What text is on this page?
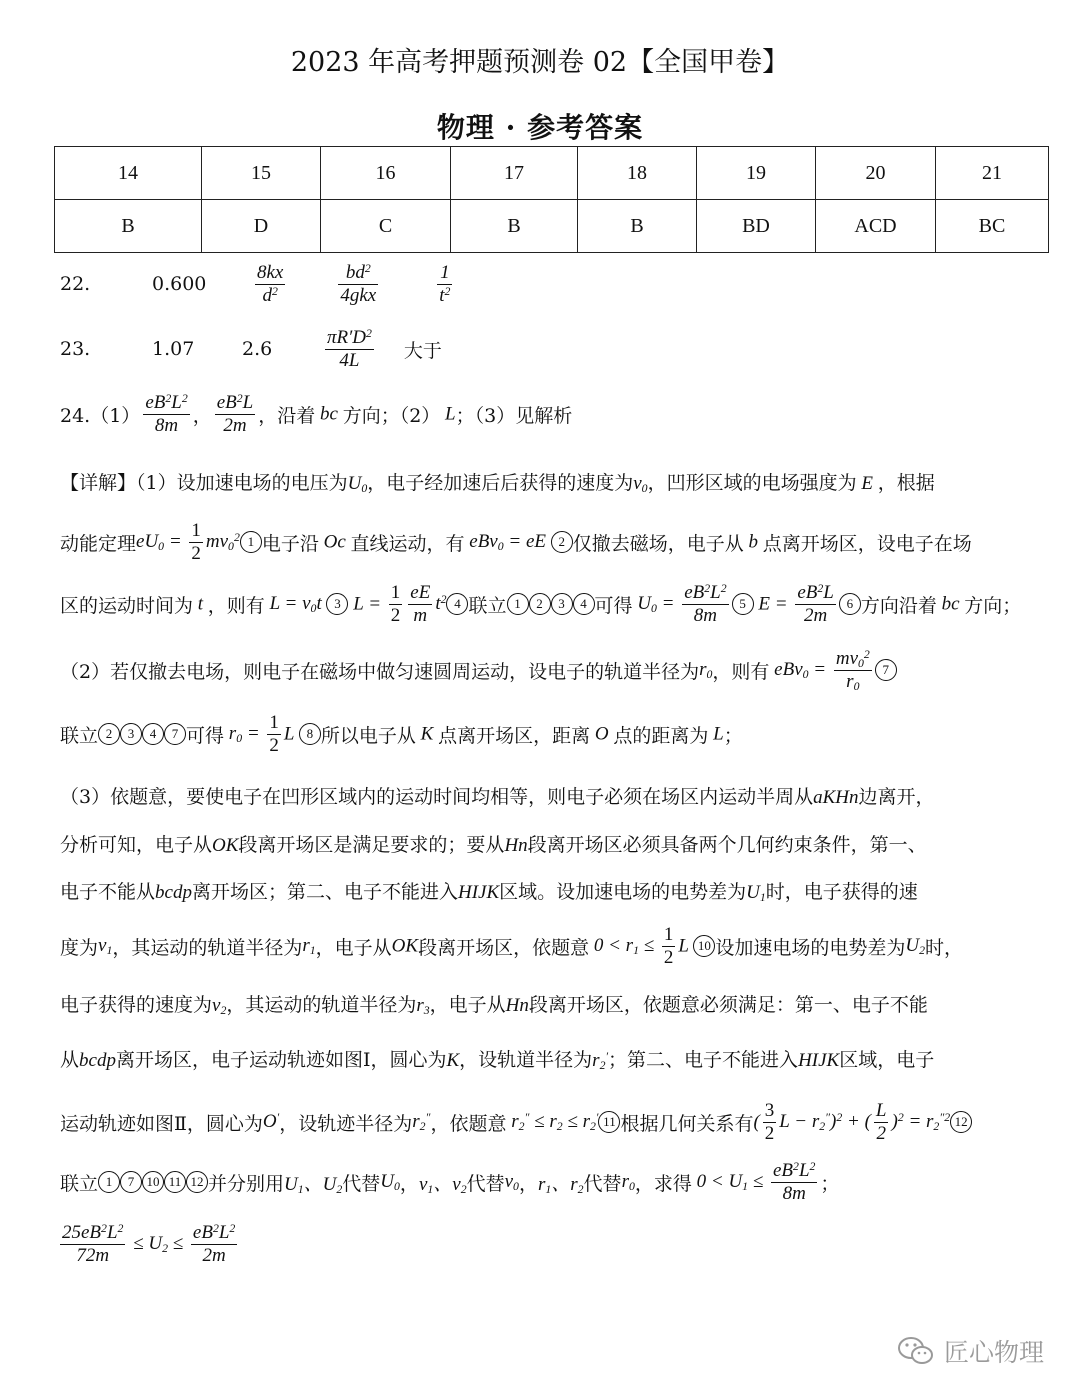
2023 年高考押题预测卷 02【全国甲卷】
物理 · 参考答案
14	15	16	17	18	19	20	21
B	D	C	B	B	BD	ACD	BC
22.	0.600	$\frac{8kx}{d^2}$	$\frac{bd^2}{\text{4gkx}}$	$\frac{1}{t^2}$
23.	1.07	2.6	$\frac{\pi R'D^2}{4L}$ 大于
$24.(1) \frac{eB^2L^2}{8m}$ ， $\frac{eB^2L}{2m}$ ，沿着 bc 方向；（2） L；（3）见解析
【详解】（1）设加速电场的电压为$U_0$，电子经加速后后获得的速度为$v_0$，凹形区域的电场强度为 E ，根据
动能定理$eU_0 = \frac{1}{2} mv_0^2$ 1 电子沿 Oc 直线运动，有 eBv$_0$ = eE 2 仅撤去磁场，电子从 b 点离开场区，设电子在场
区的运动时间为 t ，则有 $L = v_0t$ 3 $L = \frac{1}{2} \frac{eE}{m} t^2$ 4 联立 1 2 3 4 可得 $U_0 = \frac{eB^2L^2}{8m} 5$ $E = \frac{eB^2L}{2m} 6$ 方向沿着 bc 方向；
（2）若仅撤去电场，则电子在磁场中做匀速圆周运动，设电子的轨道半径为$r_0$，则有 $eBv_0 = \frac{mv_0^2}{r_0} 7$
联立 2 3 4 7 可得 $r_0 = \frac{1}{2}$ L 8 所以电子从 K 点离开场区，距离 O 点的距离为 L；
（3）依题意，要使电子在凹形区域内的运动时间均相等，则电子必须在场区内运动半周从aKHn边离开，
分析可知，电子从OK段离开场区是满足要求的；要从Hn段离开场区必须具备两个几何约束条件，第一、
电子不能从bcdp离开场区；第二、电子不能进入HIJK区域。设加速电场的电势差为$U_1$时，电子获得的速
度为$v_1$，其运动的轨道半径为$r_1$，电子从OK段离开场区，依题意 $0 < r_1 \le \frac{1}{2}$ L 10 设加速电场的电势差为$U_2$时，
电子获得的速度为$v_2$，其运动的轨道半径为$r_3$，电子从Hn段离开场区，依题意必须满足：第一、电子不能
从bcdp离开场区，电子运动轨迹如图Ⅰ，圆心为K，设轨道半径为$r_2'$；第二、电子不能进入HIJK区域，电子
运动轨迹如图Ⅱ，圆心为O′，设轨迹半径为$r_2''$，依题意 $r_2'' \le r_2 \le r_2'$ 11 根据几何关系有( $\frac{3}{2}$ $L - r_2'')^2$ + ( $\frac{L}{2} )^2 = r_2^{''2}$ 12
联立 1 7 10 11 12 并分别用$U_1$、$U_2$代替$U_0$，$v_1$、$v_2$代替$v_0$，$r_1$、$r_2$代替$r_0$，求得 $0 < U_1 \le \frac{eB^2L^2}{8m}$ ；
$\frac{25eB^2L^2}{72m} \le U_2 \le \frac{eB^2L^2}{2m}$
匠心物理
